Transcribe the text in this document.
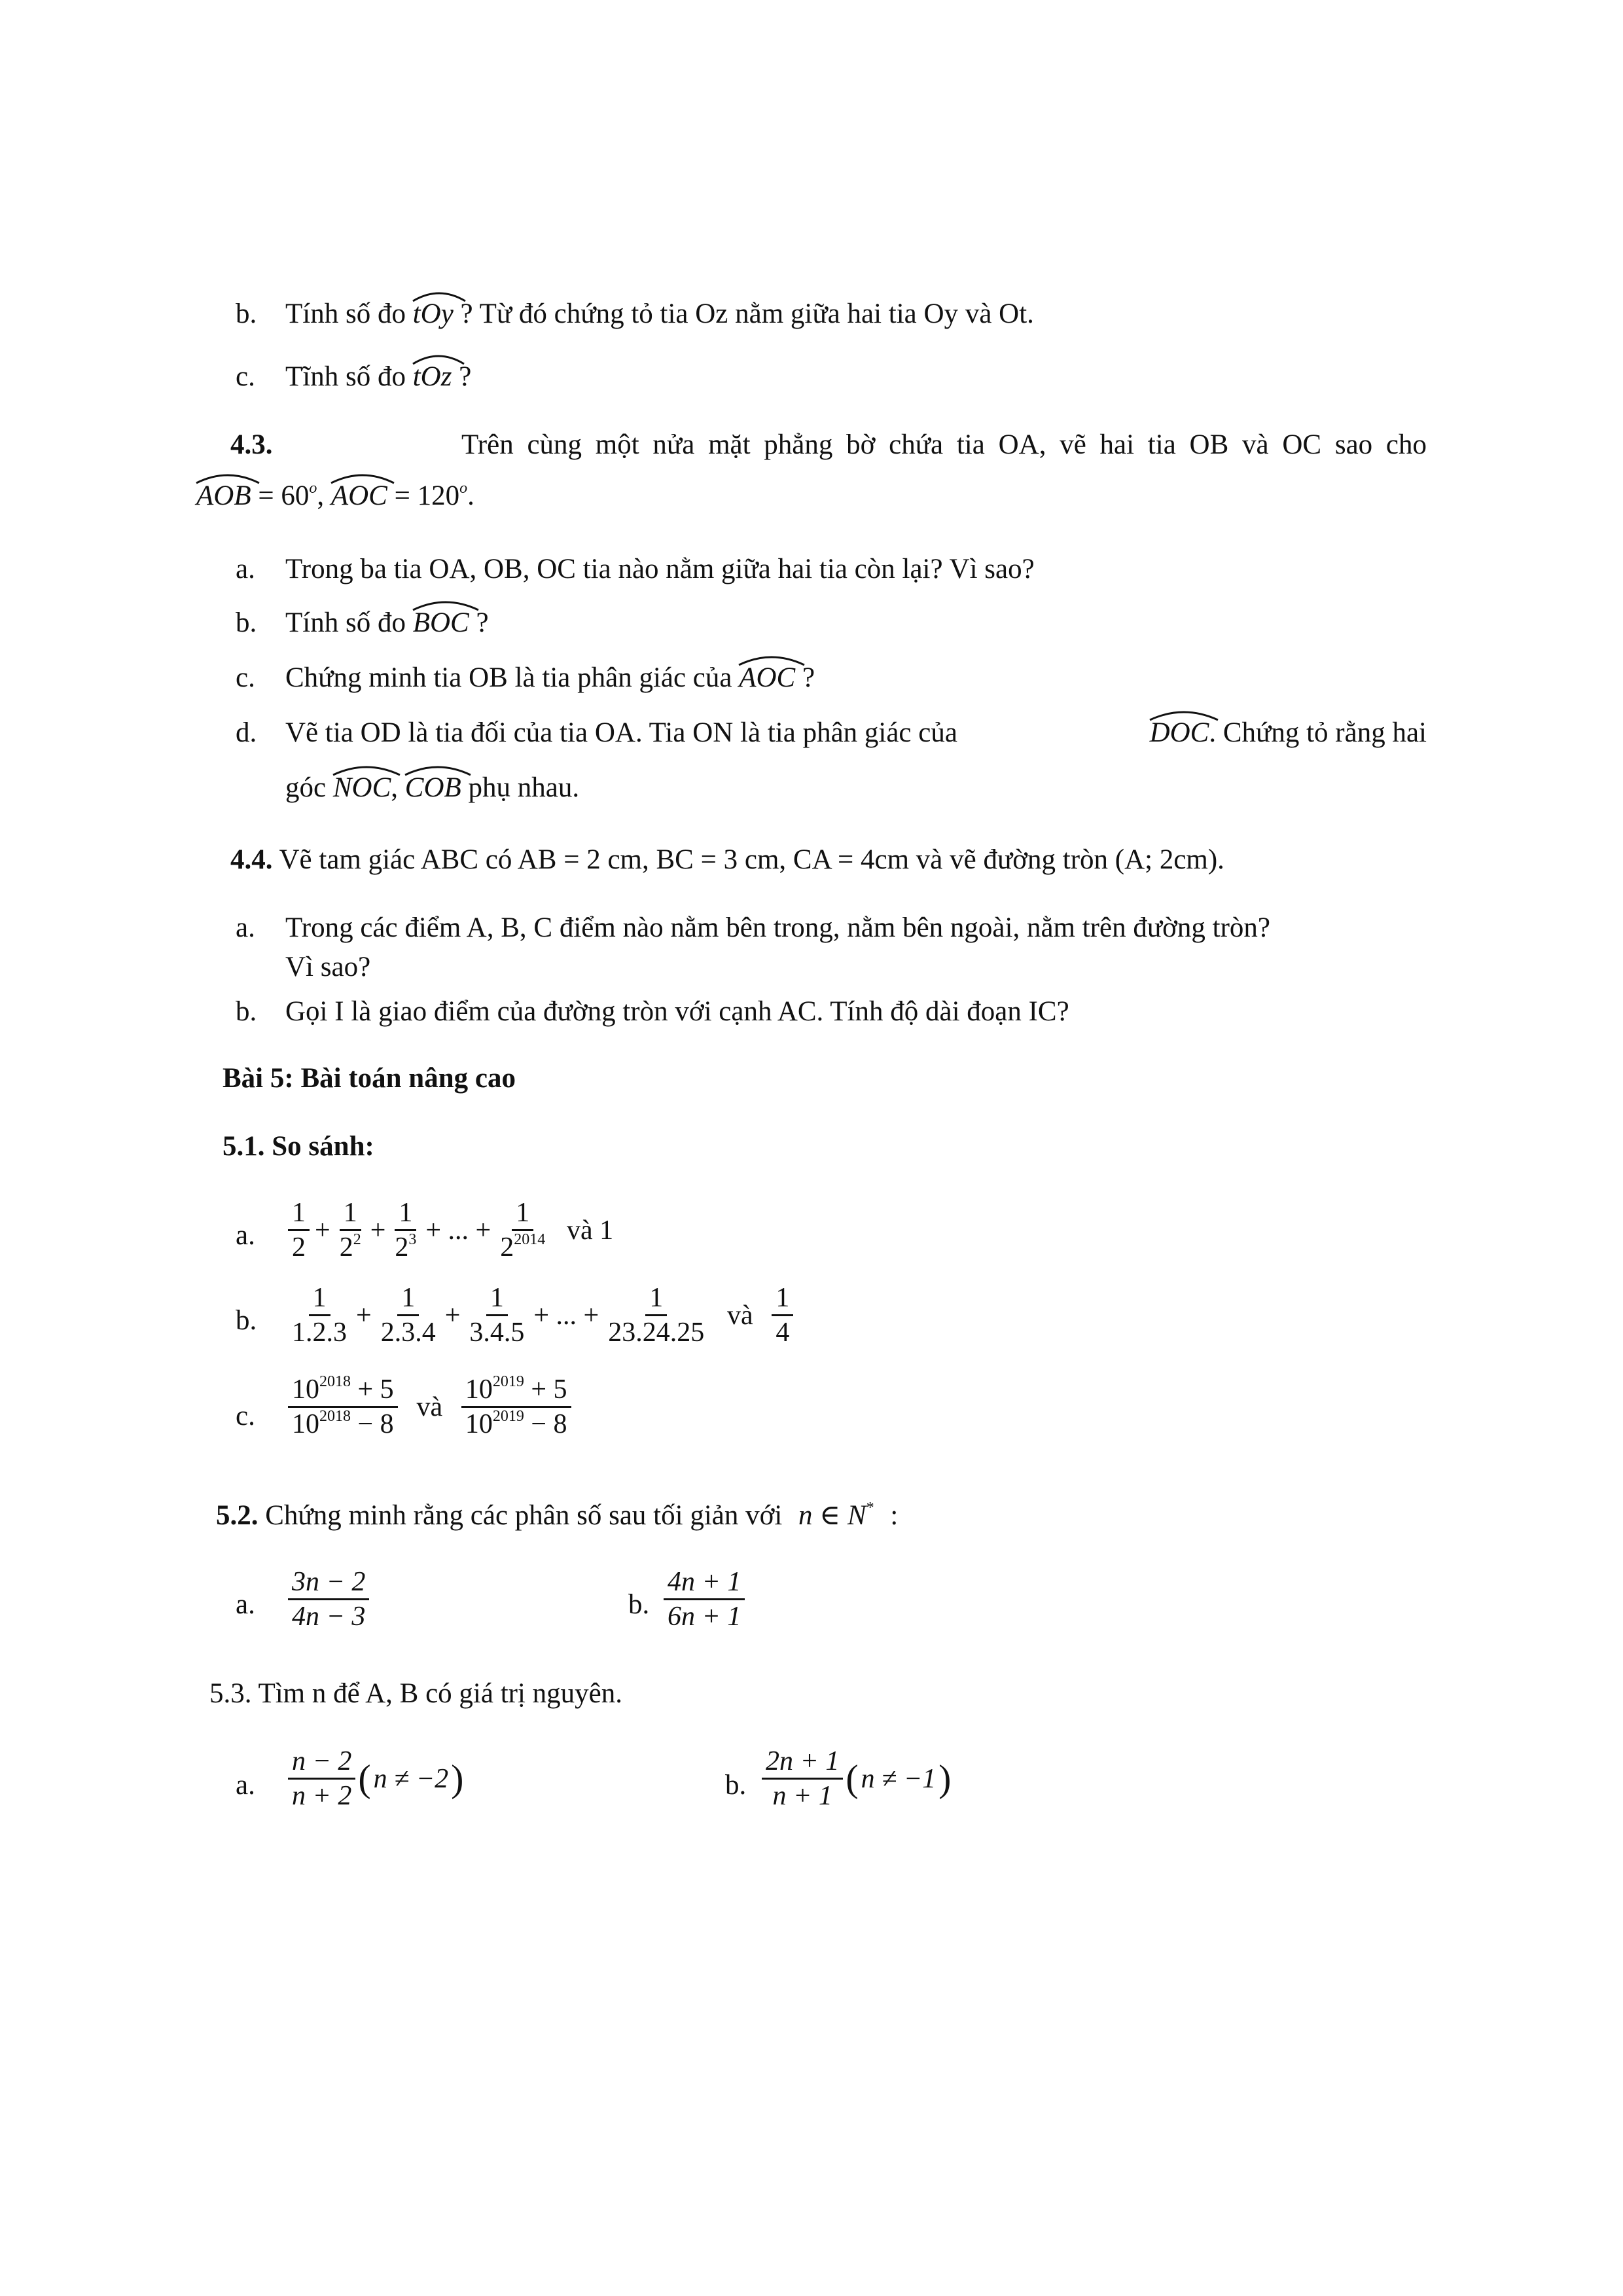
b. Tính số đo tOy ? Từ đó chứng tỏ tia Oz nằm giữa hai tia Oy và Ot.
c. Tĩnh số đo tOz ?
4.3.	Trên cùng một nửa mặt phẳng bờ chứa tia OA, vẽ hai tia OB và OC sao cho
AOB = $60^o$, AOC = $120^o$.
a. Trong ba tia OA, OB, OC tia nào nằm giữa hai tia còn lại? Vì sao?
b. Tính số đo BOC ?
c. Chứng minh tia OB là tia phân giác của AOC ?
d. Vẽ tia OD là tia đối của tia OA. Tia ON là tia phân giác của	DOC. Chứng tỏ rằng hai
góc NOC, COB phụ nhau.
4.4. Vẽ tam giác ABC có AB = 2 cm, BC = 3 cm, CA = 4cm và vẽ đường tròn (A; 2cm).
a. Trong các điểm A, B, C điểm nào nằm bên trong, nằm bên ngoài, nằm trên đường tròn?
Vì sao?
b. Gọi I là giao điểm của đường tròn với cạnh AC. Tính độ dài đoạn IC?
Bài 5: Bài toán nâng cao
5.1. So sánh:
a. $\frac{1}{2} + \frac{1}{2^2} + \frac{1}{2^3}$ + ... + $\frac{1}{2^{2014}}$ và 1
b. $\frac{1}{1.2.3} + \frac{1}{2.3.4} + \frac{1}{3.4.5}$ + ... + $\frac{1}{23.24.25}$ và $\frac{1}{4}$
c. $\frac{10^{2018} + 5}{10^{2018} - 8}$ và $\frac{10^{2019} + 5}{10^{2019} - 8}$
5.2. Chứng minh rằng các phân số sau tối giản với n ∈ N* :
a. $\frac{3n - 2}{4n - 3}$	b. $\frac{4n + 1}{6n + 1}$
5.3. Tìm n để A, B có giá trị nguyên.
a. $\frac{n - 2}{n + 2} (n \ne -2)$	b. $\frac{2n + 1}{n + 1} (n \ne -1)$
